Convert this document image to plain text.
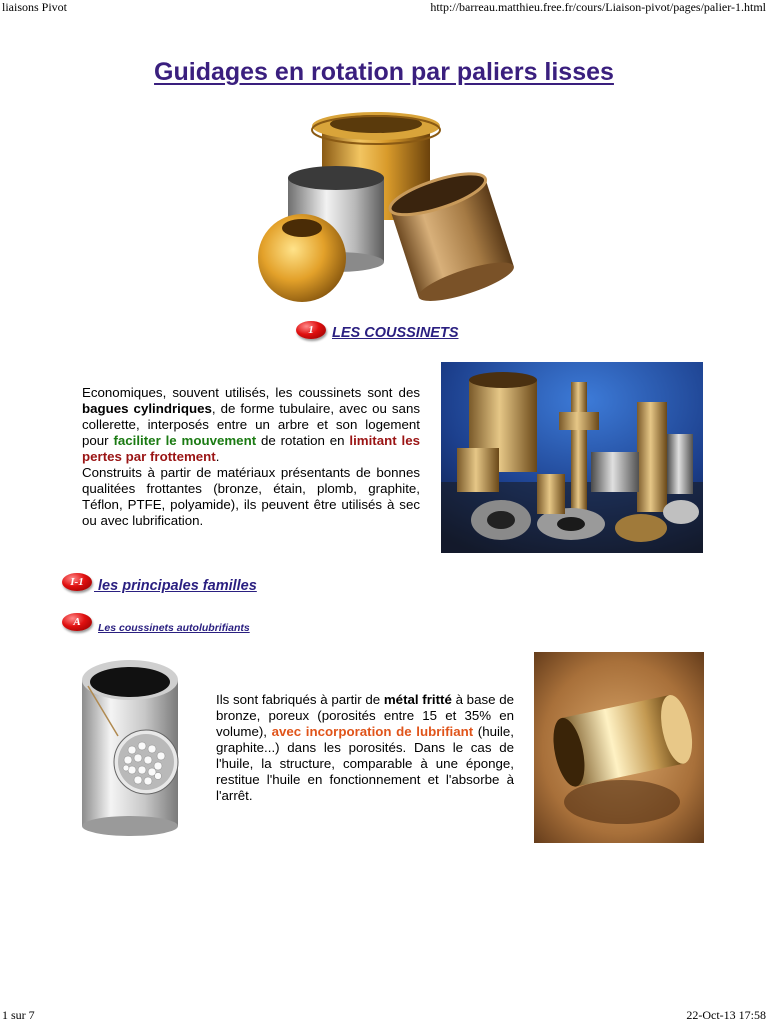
liaisons Pivot	http://barreau.matthieu.free.fr/cours/Liaison-pivot/pages/palier-1.html
1 sur 7	22-Oct-13 17:58
Guidages en rotation par paliers lisses
1	LES COUSSINETS
Economiques, souvent utilisés, les coussinets sont des bagues cylindriques, de forme tubulaire, avec ou sans collerette, interposés entre un arbre et son logement pour faciliter le mouvement de rotation en limitant les pertes par frottement.
Construits à partir de matériaux présentants de bonnes qualitées frottantes (bronze, étain, plomb, graphite, Téflon, PTFE, polyamide), ils peuvent être utilisés à sec ou avec lubrification.
I-1 les principales familles
A	Les coussinets autolubrifiants
Ils sont fabriqués à partir de métal fritté à base de bronze, poreux (porosités entre 15 et 35% en volume), avec incorporation de lubrifiant (huile, graphite...) dans les porosités. Dans le cas de l'huile, la structure, comparable à une éponge, restitue l'huile en fonctionnement et l'absorbe à l'arrêt.
